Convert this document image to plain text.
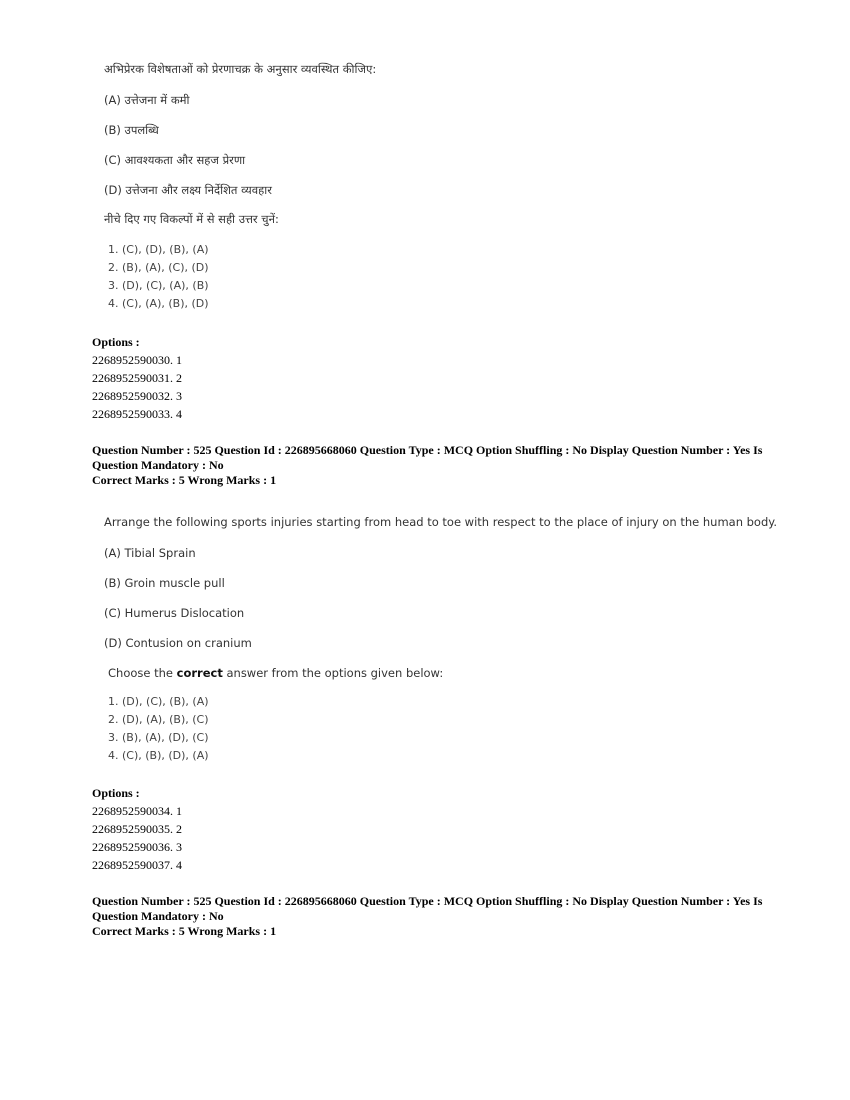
अभिप्रेरक विशेषताओं को प्रेरणाचक्र के अनुसार व्यवस्थित कीजिए:
(A) उत्तेजना में कमी
(B) उपलब्धि
(C) आवश्यकता और सहज प्रेरणा
(D) उत्तेजना और लक्ष्य निर्देशित व्यवहार
नीचे दिए गए विकल्पों में से सही उत्तर चुनें:
1. (C), (D), (B), (A)
2. (B), (A), (C), (D)
3. (D), (C), (A), (B)
4. (C), (A), (B), (D)
Options :
2268952590030. 1
2268952590031. 2
2268952590032. 3
2268952590033. 4
Question Number : 525 Question Id : 226895668060 Question Type : MCQ Option Shuffling : No Display Question Number : Yes Is
Question Mandatory : No
Correct Marks : 5 Wrong Marks : 1
Arrange the following sports injuries starting from head to toe with respect to the place of injury on the human body.
(A) Tibial Sprain
(B) Groin muscle pull
(C) Humerus Dislocation
(D) Contusion on cranium
Choose the correct answer from the options given below:
1. (D), (C), (B), (A)
2. (D), (A), (B), (C)
3. (B), (A), (D), (C)
4. (C), (B), (D), (A)
Options :
2268952590034. 1
2268952590035. 2
2268952590036. 3
2268952590037. 4
Question Number : 525 Question Id : 226895668060 Question Type : MCQ Option Shuffling : No Display Question Number : Yes Is
Question Mandatory : No
Correct Marks : 5 Wrong Marks : 1
